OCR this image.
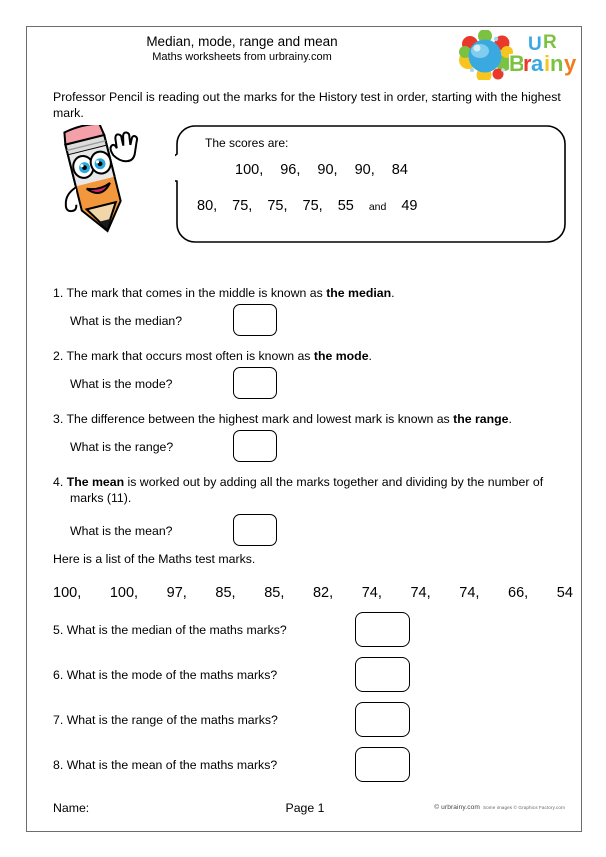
Median, mode, range and mean
Maths worksheets from urbrainy.com
U R
B
r a i n y
Professor Pencil is reading out the marks for the History test in order, starting with the highest mark.
The scores are:
100, 96, 90, 90, 84
80, 75, 75, 75, 55 and 49
1. The mark that comes in the middle is known as the median.
What is the median?
2. The mark that occurs most often is known as the mode.
What is the mode?
3. The difference between the highest mark and lowest mark is known as the range.
What is the range?
4. The mean is worked out by adding all the marks together and dividing by the number of marks (11).
What is the mean?
Here is a list of the Maths test marks.
100, 100, 97, 85, 85, 82, 74, 74, 74, 66, 54
5. What is the median of the maths marks?
6. What is the mode of the maths marks?
7. What is the range of the maths marks?
8. What is the mean of the maths marks?
Name:	Page 1	© urbrainy.com Some images © Graphics Factory.com
